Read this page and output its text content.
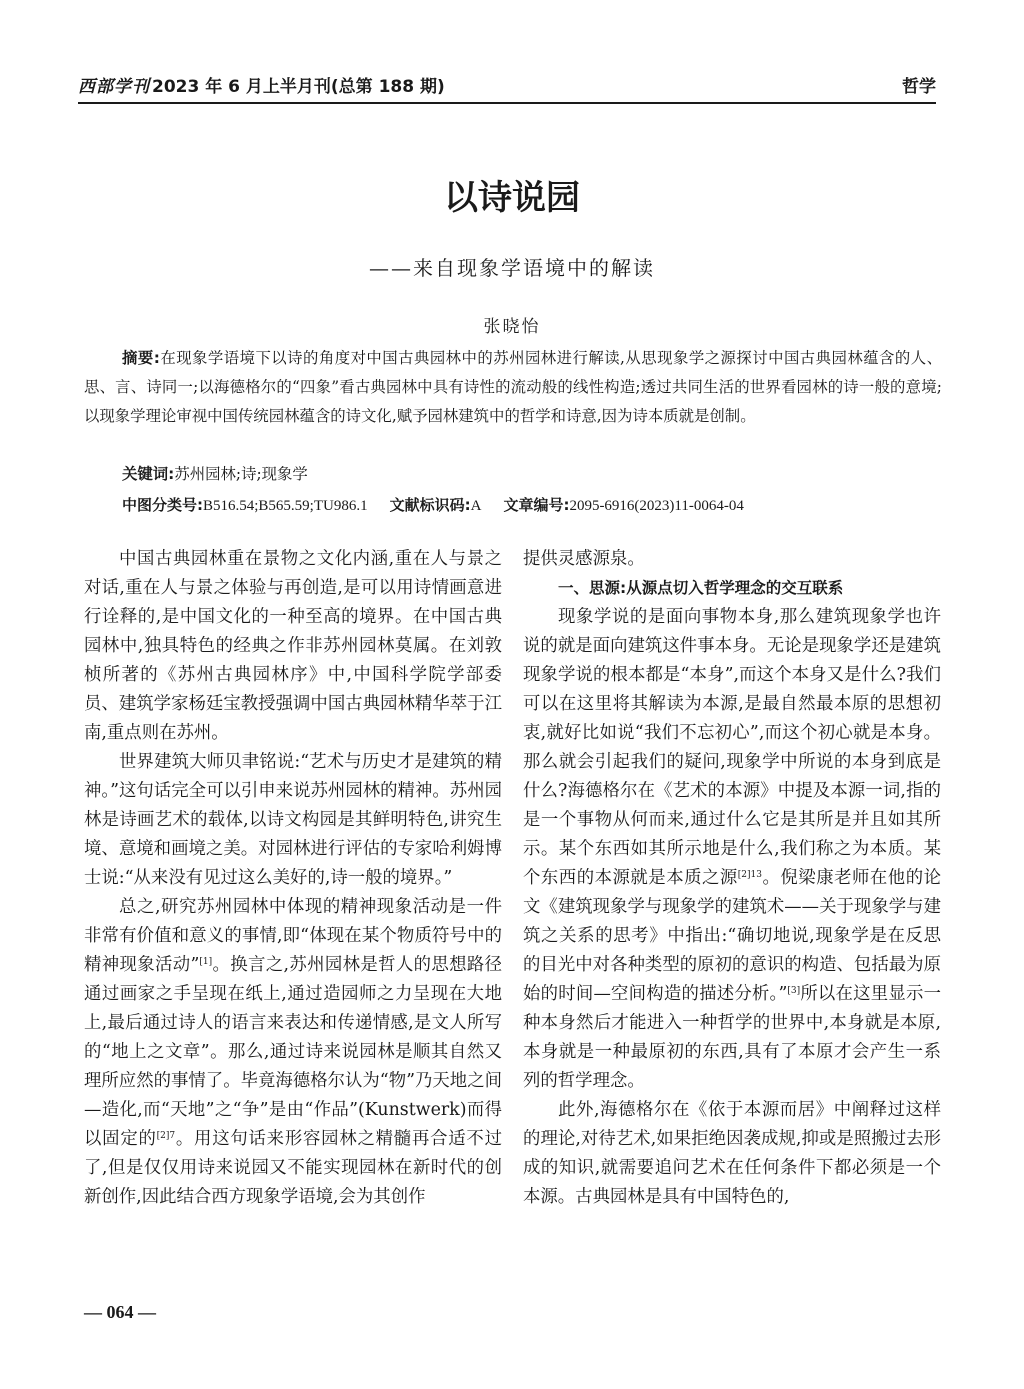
西部学刊 2023 年 6 月上半月刊(总第 188 期)	哲学
以诗说园
——来自现象学语境中的解读
张晓怡

摘要:在现象学语境下以诗的角度对中国古典园林中的苏州园林进行解读,从思现象学之源探讨中国古典园林蕴含的人、思、言、诗同一;以海德格尔的“四象”看古典园林中具有诗性的流动般的线性构造;透过共同生活的世界看园林的诗一般的意境;以现象学理论审视中国传统园林蕴含的诗文化,赋予园林建筑中的哲学和诗意,因为诗本质就是创制。

关键词:苏州园林;诗;现象学
中图分类号:B516.54;B565.59;TU986.1 文献标识码:A 文章编号:2095-6916(2023)11-0064-04

中国古典园林重在景物之文化内涵,重在人与景之对话,重在人与景之体验与再创造,是可以用诗情画意进行诠释的,是中国文化的一种至高的境界。在中国古典园林中,独具特色的经典之作非苏州园林莫属。在刘敦桢所著的《苏州古典园林序》中,中国科学院学部委员、建筑学家杨廷宝教授强调中国古典园林精华萃于江南,重点则在苏州。

世界建筑大师贝聿铭说:“艺术与历史才是建筑的精神。”这句话完全可以引申来说苏州园林的精神。苏州园林是诗画艺术的载体,以诗文构园是其鲜明特色,讲究生境、意境和画境之美。对园林进行评估的专家哈利姆博士说:“从来没有见过这么美好的,诗一般的境界。”

总之,研究苏州园林中体现的精神现象活动是一件非常有价值和意义的事情,即“体现在某个物质符号中的精神现象活动”[1]。换言之,苏州园林是哲人的思想路径通过画家之手呈现在纸上,通过造园师之力呈现在大地上,最后通过诗人的语言来表达和传递情感,是文人所写的“地上之文章”。那么,通过诗来说园林是顺其自然又理所应然的事情了。毕竟海德格尔认为“物”乃天地之间—造化,而“天地”之“争”是由“作品”(Kunstwerk)而得以固定的$^{[2]7}$。用这句话来形容园林之精髓再合适不过了,但是仅仅用诗来说园又不能实现园林在新时代的创新创作,因此结合西方现象学语境,会为其创作

提供灵感源泉。

一、思源:从源点切入哲学理念的交互联系

现象学说的是面向事物本身,那么建筑现象学也许说的就是面向建筑这件事本身。无论是现象学还是建筑现象学说的根本都是“本身”,而这个本身又是什么?我们可以在这里将其解读为本源,是最自然最本原的思想初衷,就好比如说“我们不忘初心”,而这个初心就是本身。那么就会引起我们的疑问,现象学中所说的本身到底是什么?海德格尔在《艺术的本源》中提及本源一词,指的是一个事物从何而来,通过什么它是其所是并且如其所示。某个东西如其所示地是什么,我们称之为本质。某个东西的本源就是本质之源$^{[2]13}$。倪梁康老师在他的论文《建筑现象学与现象学的建筑术——关于现象学与建筑之关系的思考》中指出:“确切地说,现象学是在反思的目光中对各种类型的原初的意识的构造、包括最为原始的时间—空间构造的描述分析。”[3]所以在这里显示一种本身然后才能进入一种哲学的世界中,本身就是本原,本身就是一种最原初的东西,具有了本原才会产生一系列的哲学理念。

此外,海德格尔在《依于本源而居》中阐释过这样的理论,对待艺术,如果拒绝因袭成规,抑或是照搬过去形成的知识,就需要追问艺术在任何条件下都必须是一个本源。古典园林是具有中国特色的,

— 064 —
